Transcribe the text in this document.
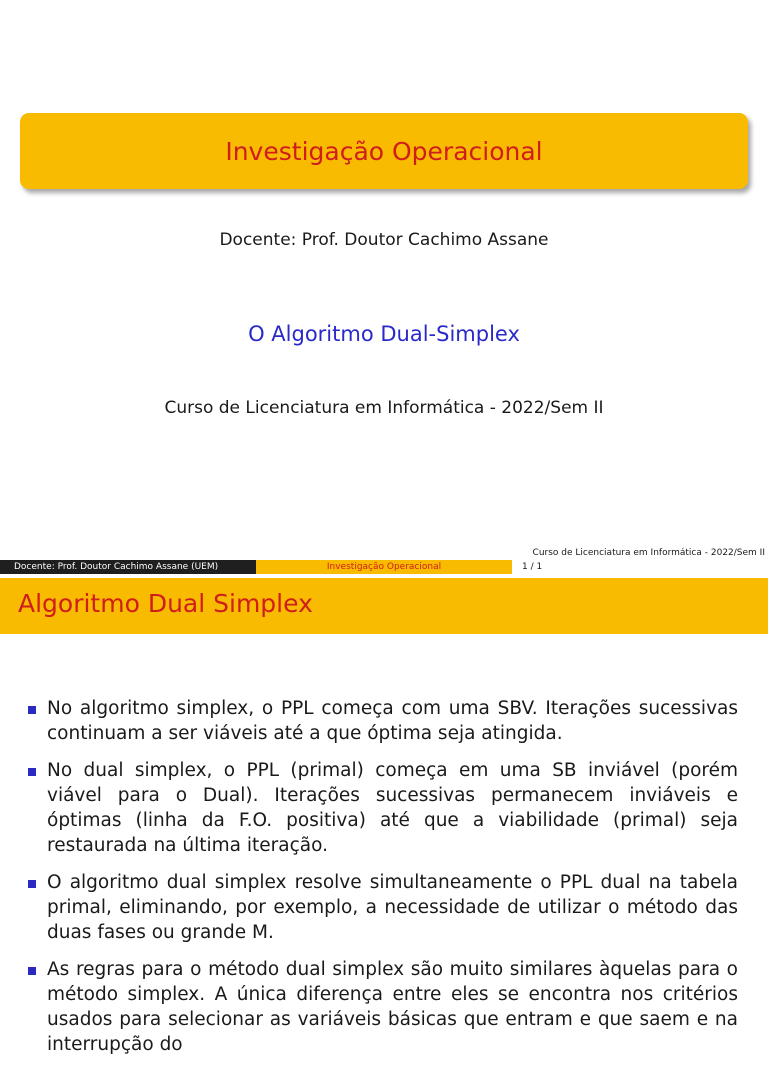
Investigação Operacional
Docente: Prof. Doutor Cachimo Assane
O Algoritmo Dual-Simplex
Curso de Licenciatura em Informática - 2022/Sem II
Curso de Licenciatura em Informática - 2022/Sem II
Docente: Prof. Doutor Cachimo Assane (UEM)	Investigação Operacional	1 / 1
Algoritmo Dual Simplex
No algoritmo simplex, o PPL começa com uma SBV. Iterações sucessivas continuam a ser viáveis até a que óptima seja atingida.
No dual simplex, o PPL (primal) começa em uma SB inviável (porém viável para o Dual). Iterações sucessivas permanecem inviáveis e óptimas (linha da F.O. positiva) até que a viabilidade (primal) seja restaurada na última iteração.
O algoritmo dual simplex resolve simultaneamente o PPL dual na tabela primal, eliminando, por exemplo, a necessidade de utilizar o método das duas fases ou grande M.
As regras para o método dual simplex são muito similares àquelas para o método simplex. A única diferença entre eles se encontra nos critérios usados para selecionar as variáveis básicas que entram e que saem e na interrupção do
